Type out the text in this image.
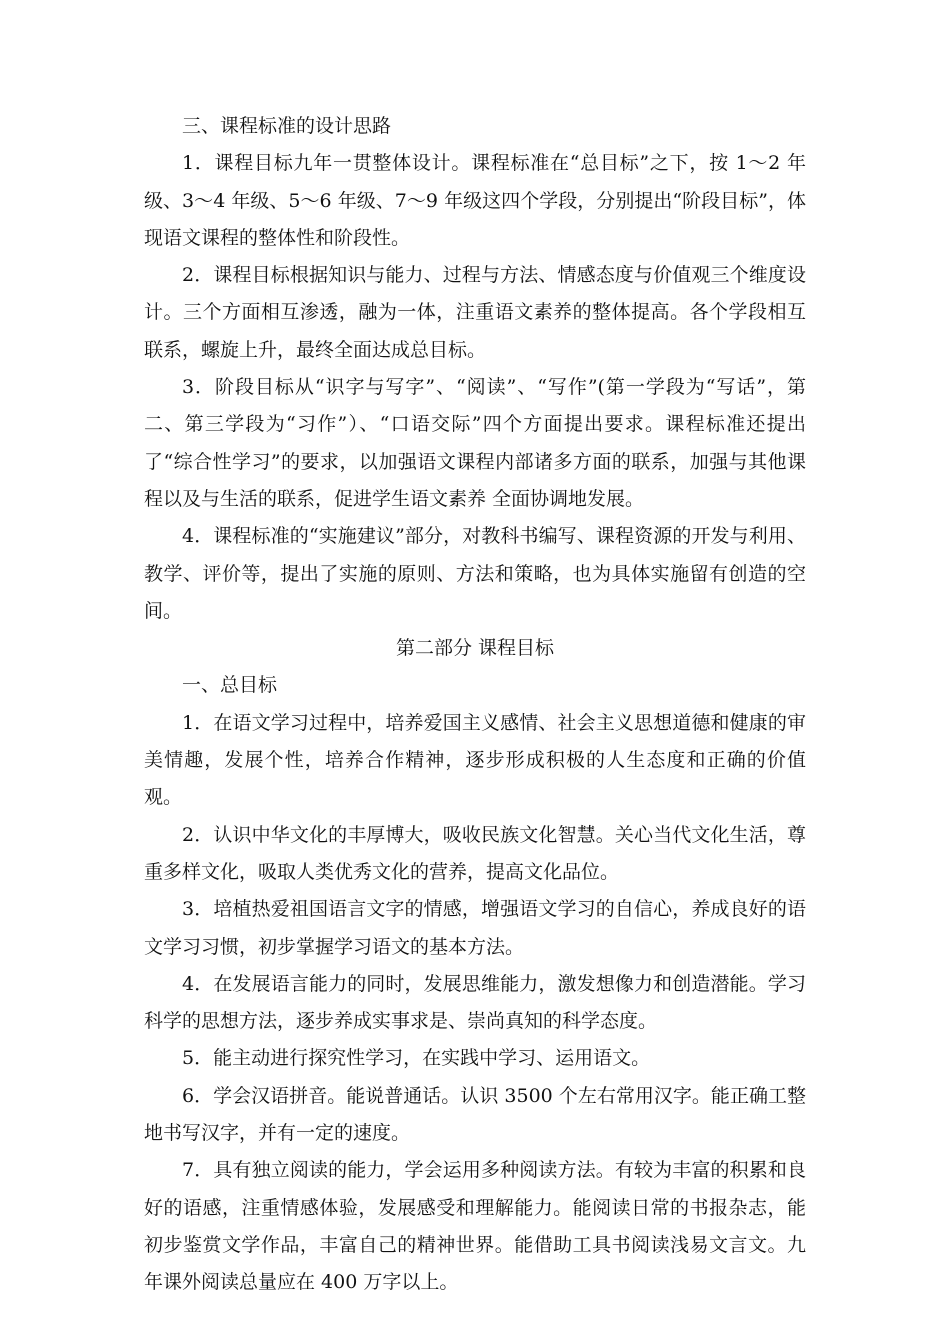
三、课程标准的设计思路

1．课程目标九年一贯整体设计。课程标准在“总目标”之下，按 1～2 年级、3～4 年级、5～6 年级、7～9 年级这四个学段，分别提出“阶段目标”，体现语文课程的整体性和阶段性。

2．课程目标根据知识与能力、过程与方法、情感态度与价值观三个维度设计。三个方面相互渗透，融为一体，注重语文素养的整体提高。各个学段相互联系，螺旋上升，最终全面达成总目标。

3．阶段目标从“识字与写字”、“阅读”、“写作”(第一学段为“写话”，第二、第三学段为“习作”）、“口语交际”四个方面提出要求。课程标准还提出了“综合性学习”的要求，以加强语文课程内部诸多方面的联系，加强与其他课程以及与生活的联系，促进学生语文素养 全面协调地发展。

4．课程标准的“实施建议”部分，对教科书编写、课程资源的开发与利用、教学、评价等，提出了实施的原则、方法和策略，也为具体实施留有创造的空间。

第二部分 课程目标

一、总目标

1．在语文学习过程中，培养爱国主义感情、社会主义思想道德和健康的审美情趣，发展个性，培养合作精神，逐步形成积极的人生态度和正确的价值观。

2．认识中华文化的丰厚博大，吸收民族文化智慧。关心当代文化生活，尊重多样文化，吸取人类优秀文化的营养，提高文化品位。

3．培植热爱祖国语言文字的情感，增强语文学习的自信心，养成良好的语文学习习惯，初步掌握学习语文的基本方法。

4．在发展语言能力的同时，发展思维能力，激发想像力和创造潜能。学习科学的思想方法，逐步养成实事求是、崇尚真知的科学态度。

5．能主动进行探究性学习，在实践中学习、运用语文。

6．学会汉语拼音。能说普通话。认识 3500 个左右常用汉字。能正确工整地书写汉字，并有一定的速度。

7．具有独立阅读的能力，学会运用多种阅读方法。有较为丰富的积累和良好的语感，注重情感体验，发展感受和理解能力。能阅读日常的书报杂志，能初步鉴赏文学作品，丰富自己的精神世界。能借助工具书阅读浅易文言文。九年课外阅读总量应在 400 万字以上。
